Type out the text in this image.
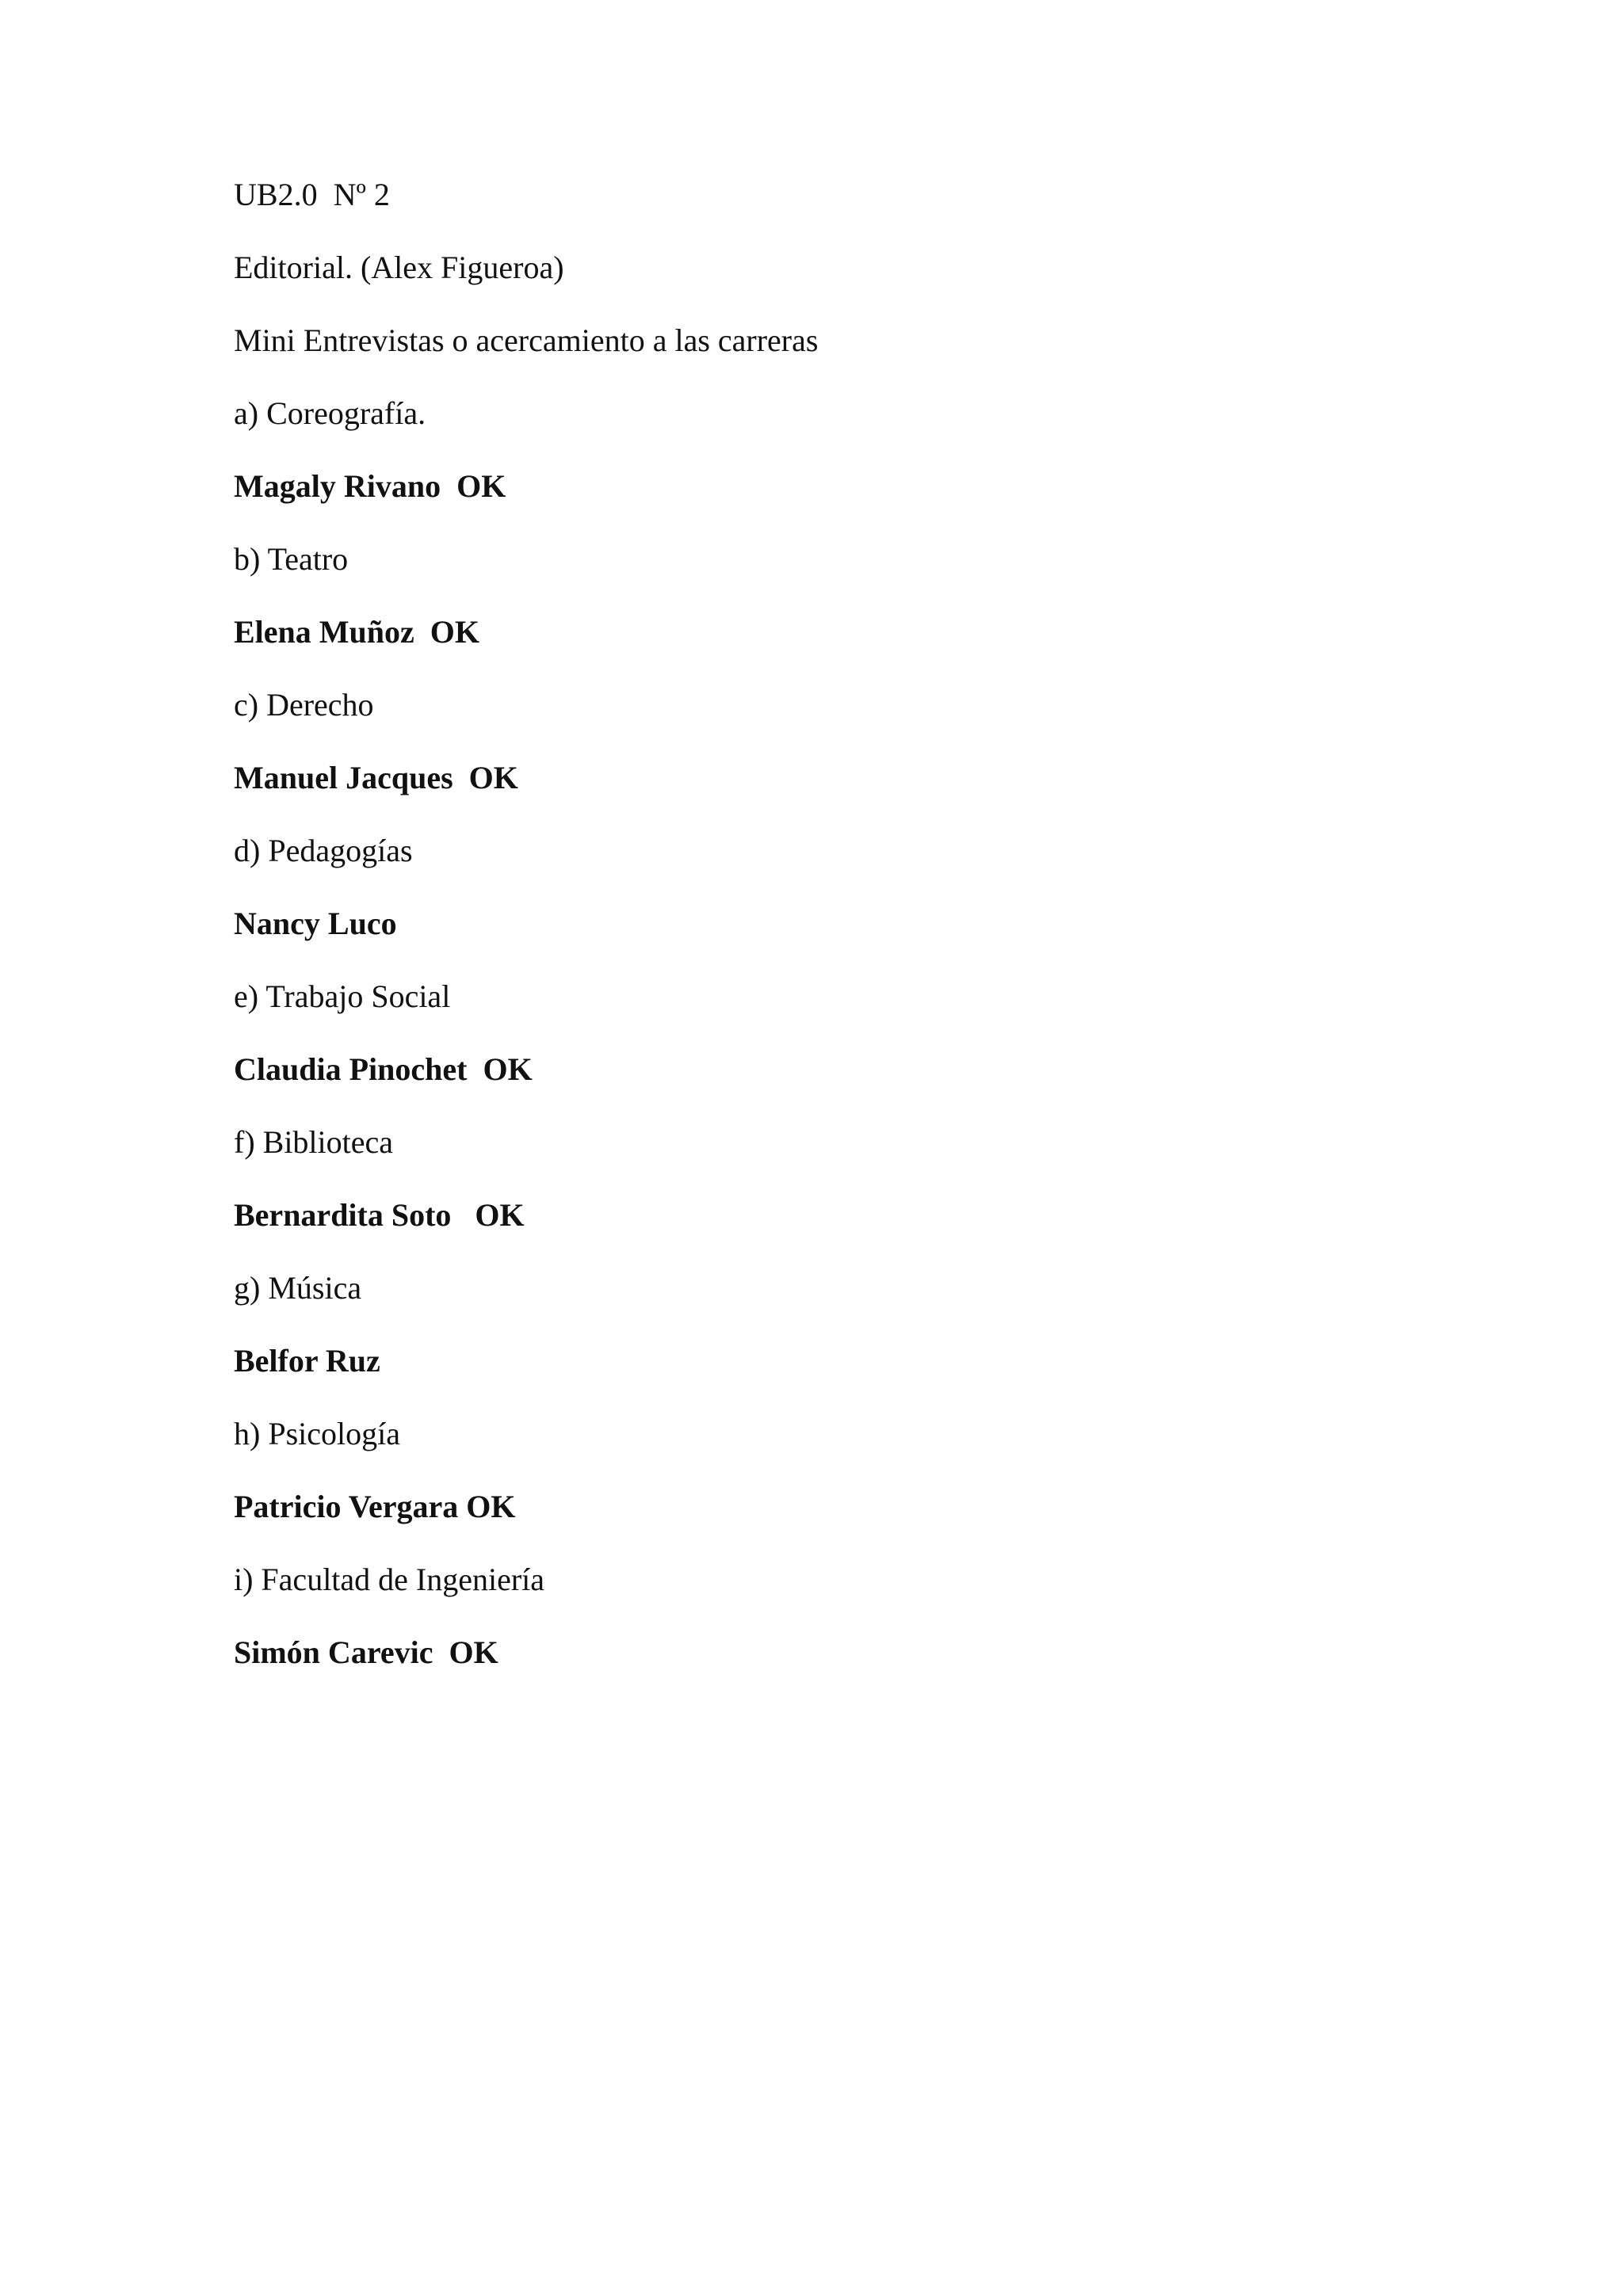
UB2.0  Nº 2
Editorial. (Alex Figueroa)
Mini Entrevistas o acercamiento a las carreras
a) Coreografía.
Magaly Rivano  OK
b) Teatro
Elena Muñoz  OK
c) Derecho
Manuel Jacques  OK
d) Pedagogías
Nancy Luco
e) Trabajo Social
Claudia Pinochet  OK
f) Biblioteca
Bernardita Soto   OK
g) Música
Belfor Ruz
h) Psicología
Patricio Vergara OK
i) Facultad de Ingeniería
Simón Carevic  OK
